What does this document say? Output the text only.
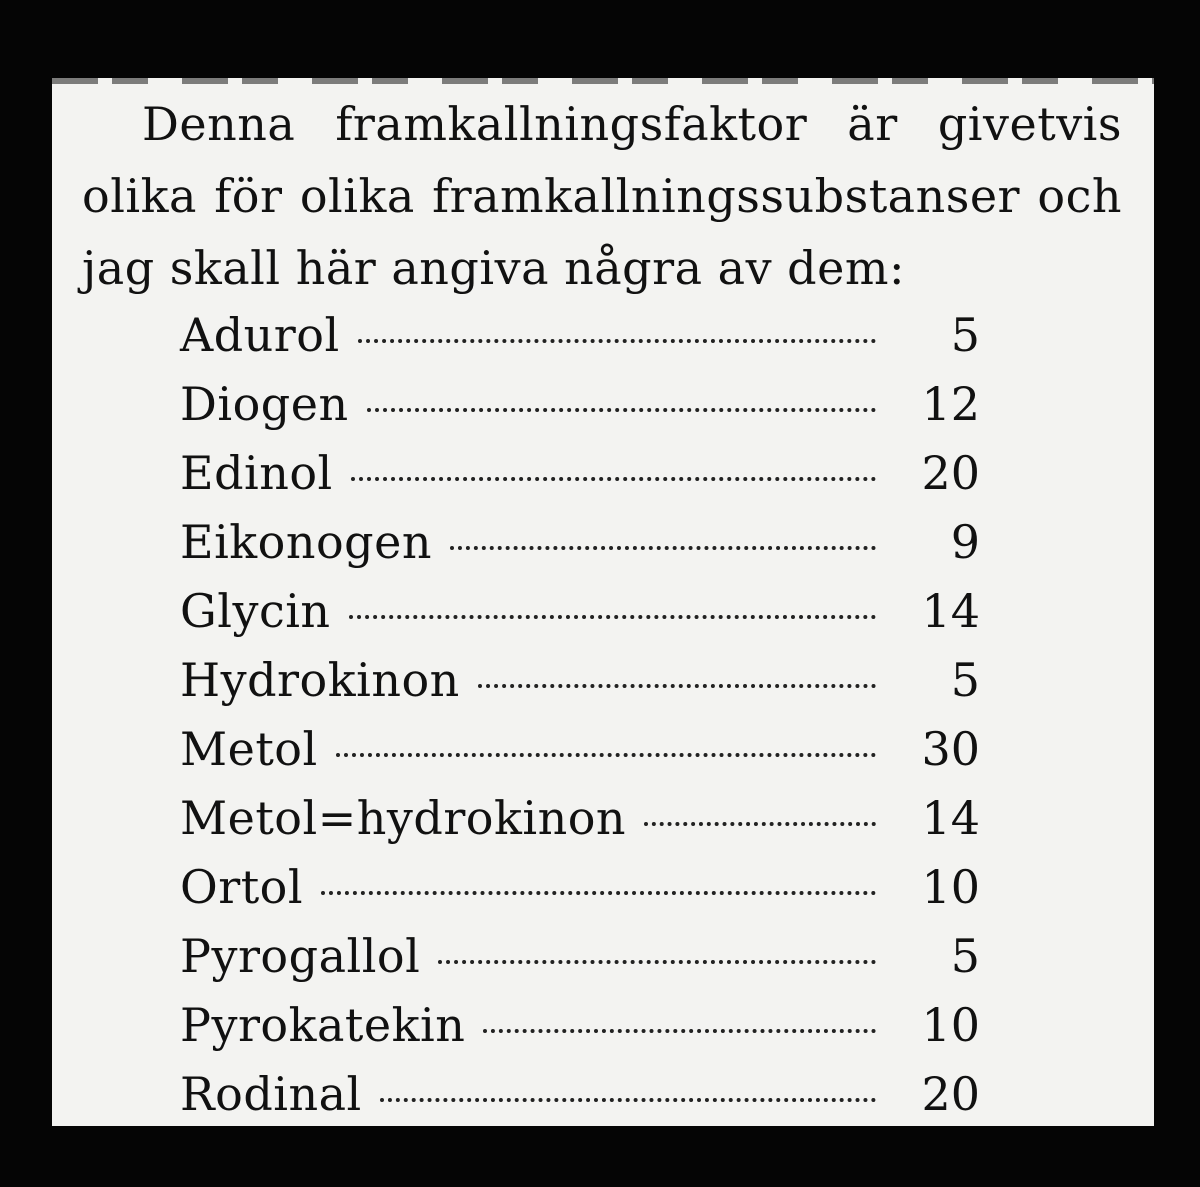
Denna framkallningsfaktor är givetvis olika för olika framkallningssubstanser och jag skall här angiva några av dem:

Adurol	5
Diogen	12
Edinol	20
Eikonogen	9
Glycin	14
Hydrokinon	5
Metol	30
Metol=hydrokinon	14
Ortol	10
Pyrogallol	5
Pyrokatekin	10
Rodinal	20
